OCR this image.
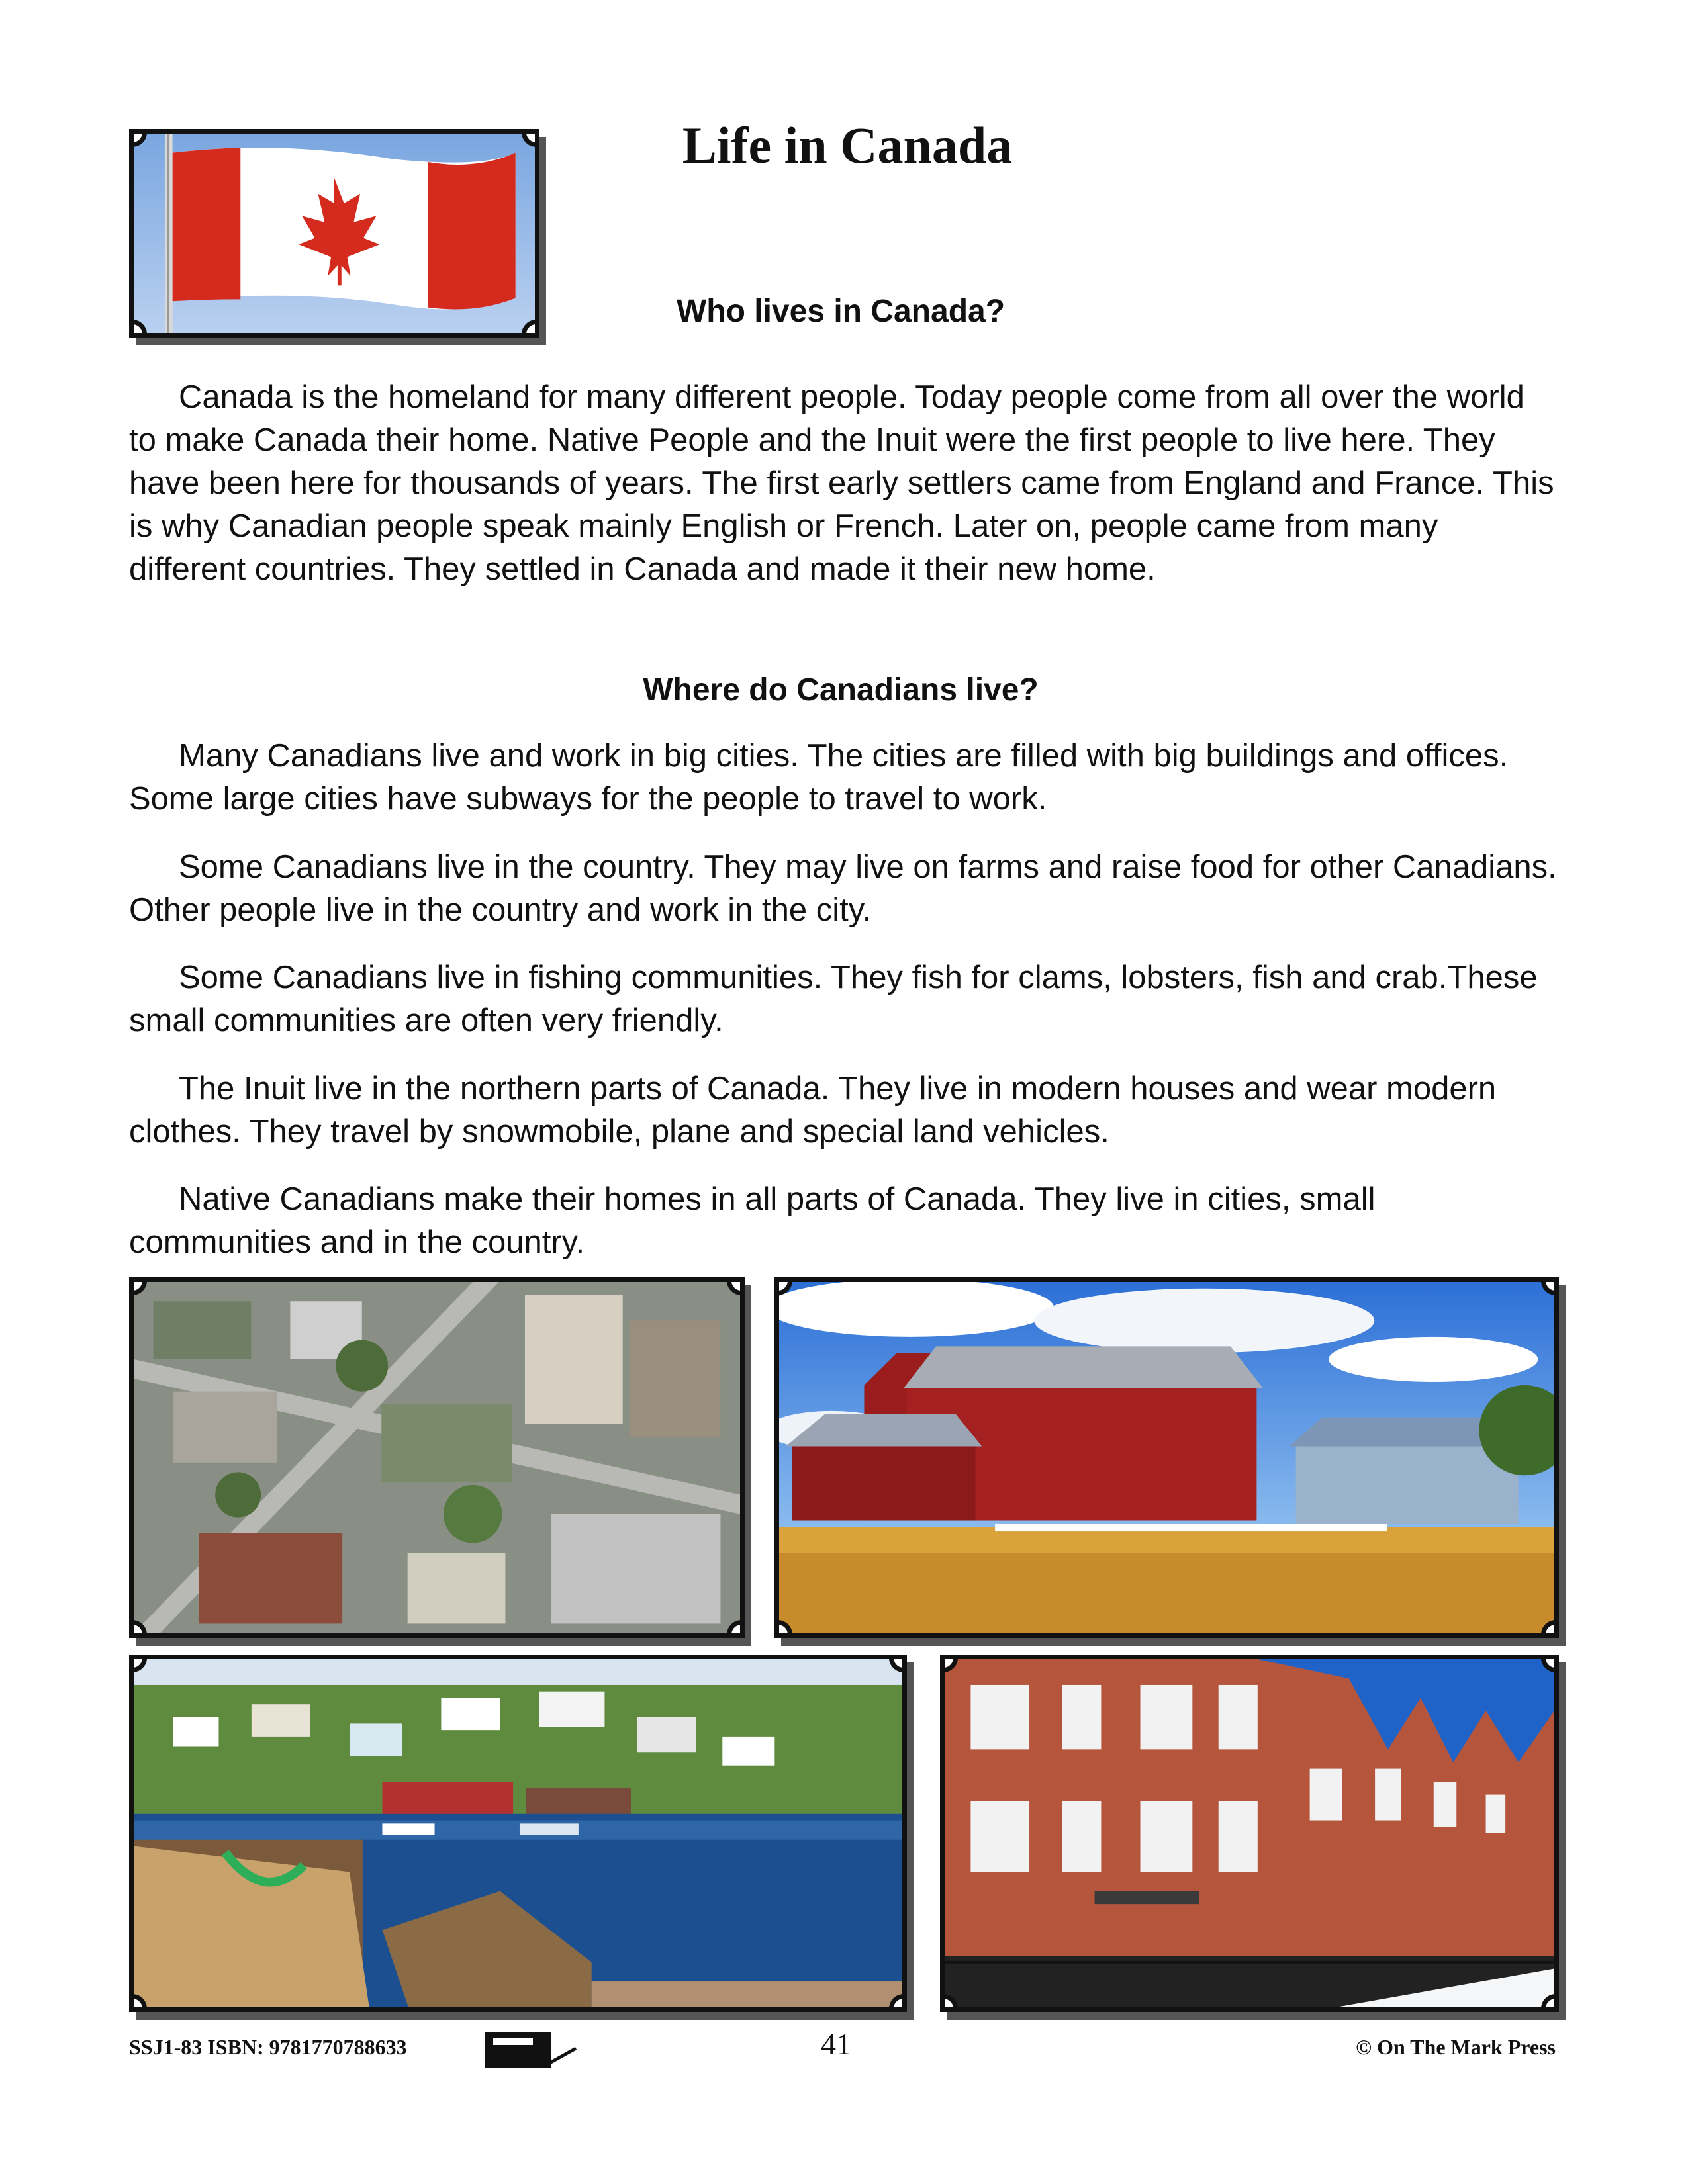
Life in Canada
Who lives in Canada?

Canada is the homeland for many different people. Today people come from all over the world to make Canada their home. Native People and the Inuit were the first people to live here. They have been here for thousands of years. The first early settlers came from England and France. This is why Canadian people speak mainly English or French. Later on, people came from many different countries. They settled in Canada and made it their new home.

Where do Canadians live?

Many Canadians live and work in big cities. The cities are filled with big buildings and offices. Some large cities have subways for the people to travel to work.

Some Canadians live in the country. They may live on farms and raise food for other Canadians. Other people live in the country and work in the city.

Some Canadians live in fishing communities. They fish for clams, lobsters, fish and crab.These small communities are often very friendly.

The Inuit live in the northern parts of Canada. They live in modern houses and wear modern clothes. They travel by snowmobile, plane and special land vehicles.

Native Canadians make their homes in all parts of Canada. They live in cities, small communities and in the country.

SSJ1-83 ISBN: 9781770788633	41	© On The Mark Press
